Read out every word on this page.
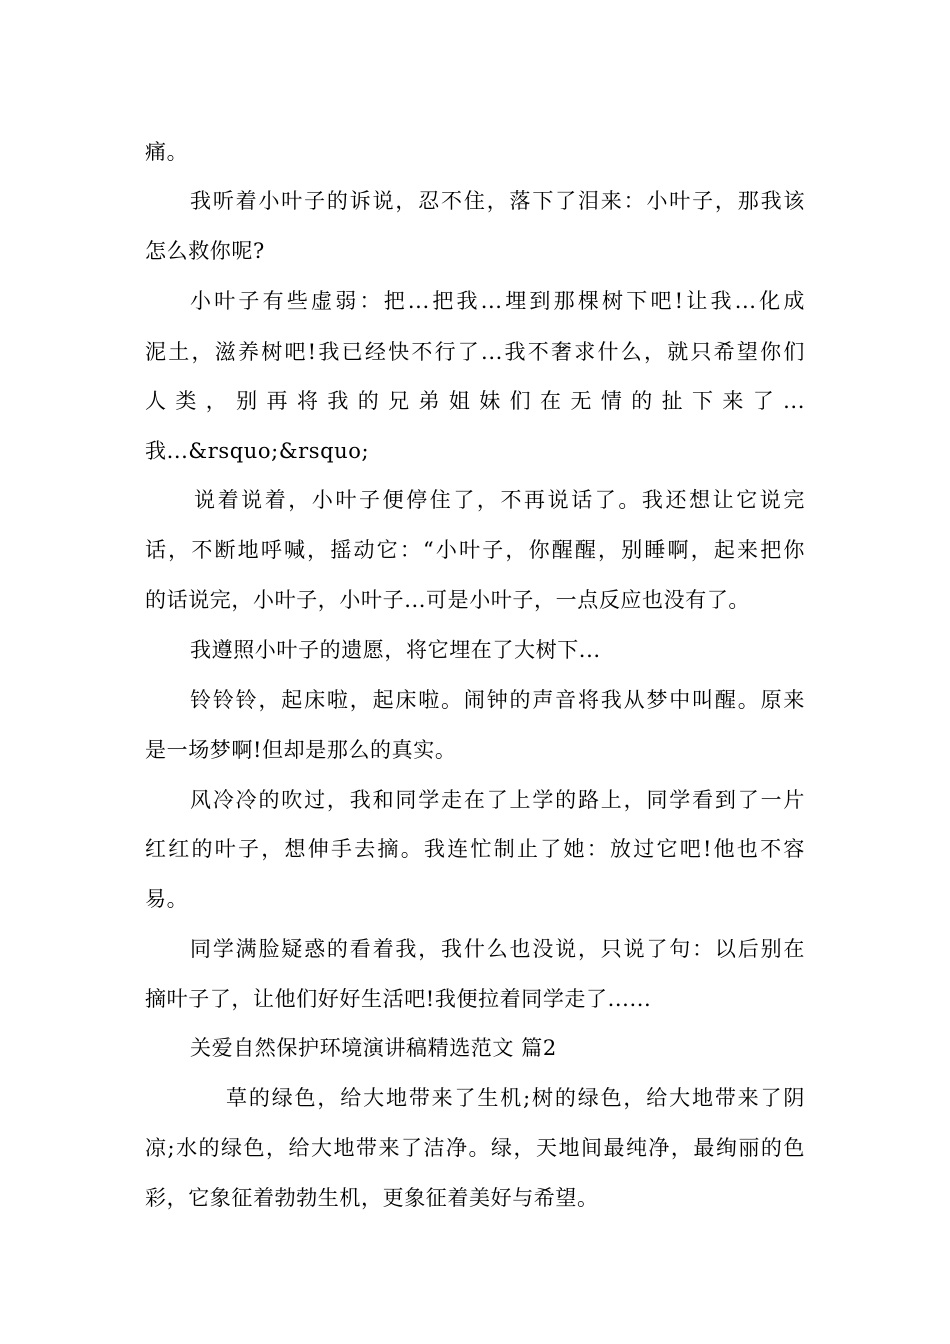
痛。
我听着小叶子的诉说，忍不住，落下了泪来：小叶子，那我该
怎么救你呢?
小叶子有些虚弱：把...把我...埋到那棵树下吧!让我...化成
泥土，滋养树吧!我已经快不行了...我不奢求什么，就只希望你们
人类，别再将我的兄弟姐妹们在无情的扯下来了...
我...&rsquo;&rsquo;
说着说着，小叶子便停住了，不再说话了。我还想让它说完
话，不断地呼喊，摇动它：“小叶子，你醒醒，别睡啊，起来把你
的话说完，小叶子，小叶子...可是小叶子，一点反应也没有了。
我遵照小叶子的遗愿，将它埋在了大树下...
铃铃铃，起床啦，起床啦。闹钟的声音将我从梦中叫醒。原来
是一场梦啊!但却是那么的真实。
风冷冷的吹过，我和同学走在了上学的路上，同学看到了一片
红红的叶子，想伸手去摘。我连忙制止了她：放过它吧!他也不容
易。
同学满脸疑惑的看着我，我什么也没说，只说了句：以后别在
摘叶子了，让他们好好生活吧!我便拉着同学走了......
关爱自然保护环境演讲稿精选范文 篇2
草的绿色，给大地带来了生机;树的绿色，给大地带来了阴
凉;水的绿色，给大地带来了洁净。绿，天地间最纯净，最绚丽的色
彩，它象征着勃勃生机，更象征着美好与希望。
